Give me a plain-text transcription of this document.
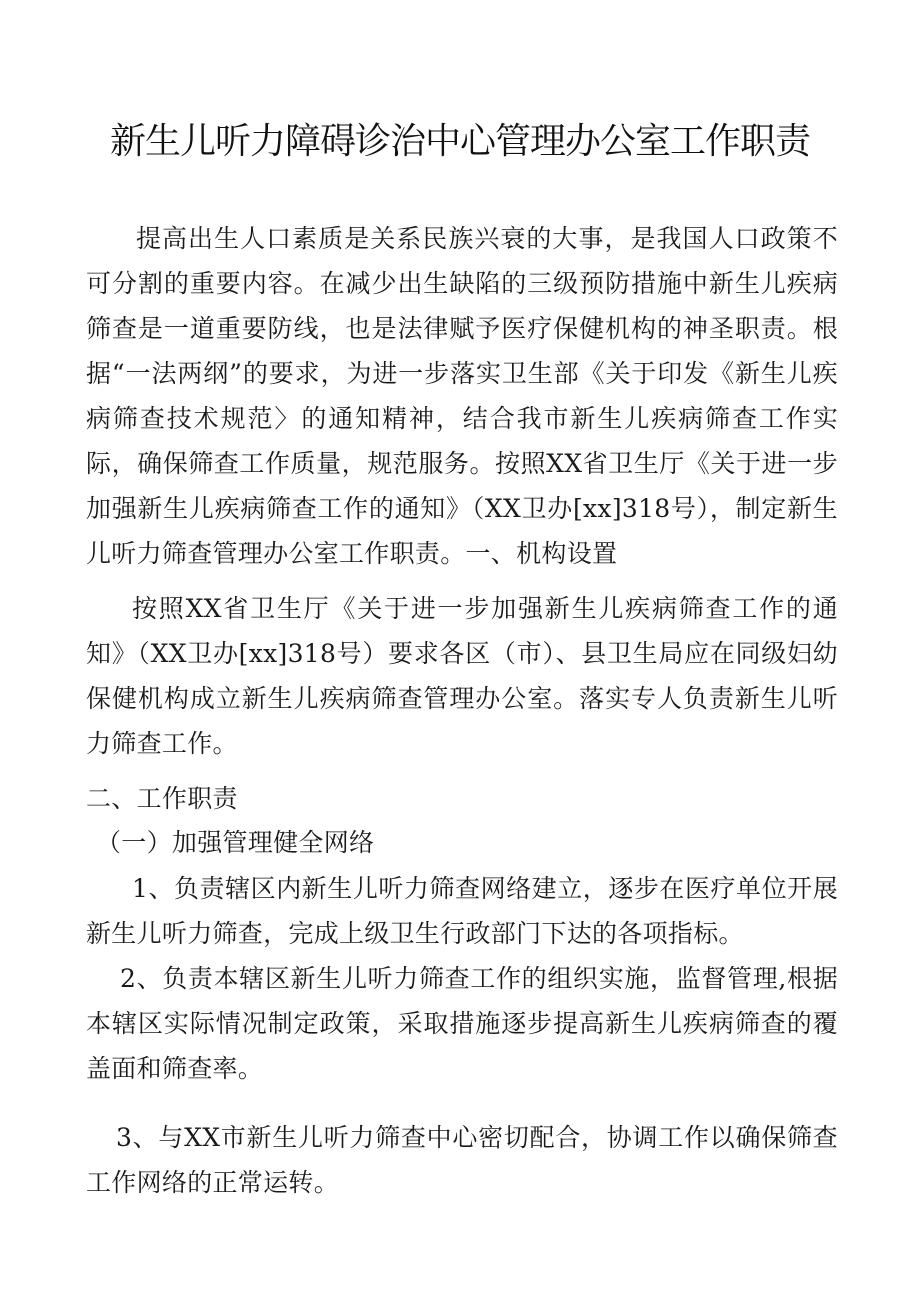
新生儿听力障碍诊治中心管理办公室工作职责

提高出生人口素质是关系民族兴衰的大事，是我国人口政策不可分割的重要内容。在减少出生缺陷的三级预防措施中新生儿疾病筛查是一道重要防线，也是法律赋予医疗保健机构的神圣职责。根据“一法两纲”的要求，为进一步落实卫生部《关于印发《新生儿疾病筛查技术规范〉的通知精神，结合我市新生儿疾病筛查工作实际，确保筛查工作质量，规范服务。按照XX省卫生厅《关于进一步加强新生儿疾病筛查工作的通知》（XX卫办[xx]318号），制定新生儿听力筛查管理办公室工作职责。一、机构设置

按照XX省卫生厅《关于进一步加强新生儿疾病筛查工作的通知》（XX卫办[xx]318号）要求各区（市）、县卫生局应在同级妇幼保健机构成立新生儿疾病筛查管理办公室。落实专人负责新生儿听力筛查工作。

二、工作职责

（一）加强管理健全网络

1、负责辖区内新生儿听力筛查网络建立，逐步在医疗单位开展新生儿听力筛查，完成上级卫生行政部门下达的各项指标。

2、负责本辖区新生儿听力筛查工作的组织实施，监督管理,根据本辖区实际情况制定政策，采取措施逐步提高新生儿疾病筛查的覆盖面和筛查率。

3、与XX市新生儿听力筛查中心密切配合，协调工作以确保筛查工作网络的正常运转。
